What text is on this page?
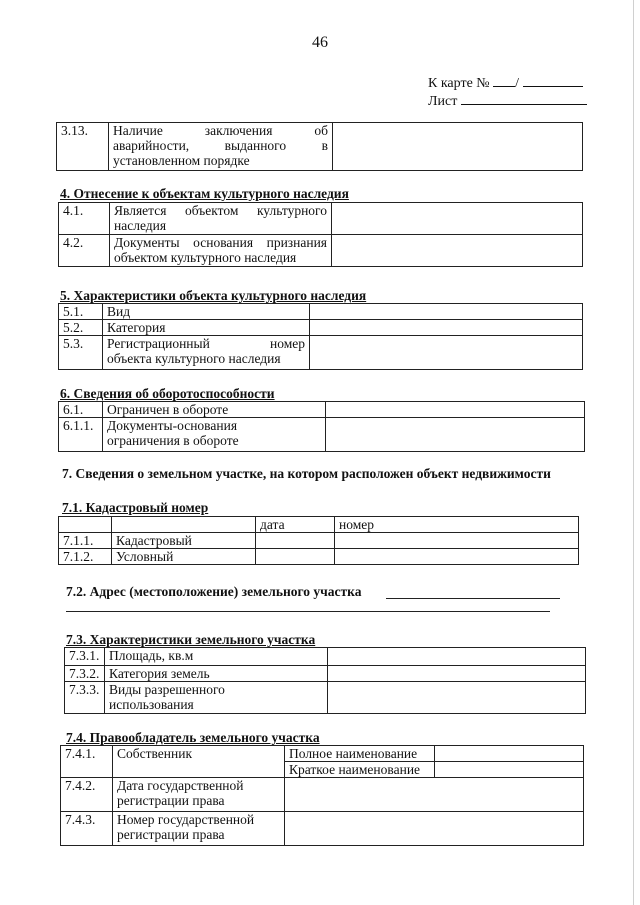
46
К карте № /
Лист
3.13.	Наличие заключения об
аварийности, выданного в
установленном порядке

4. Отнесение к объектам культурного наследия
4.1.	Является объектом культурного
наследия	

4.2.	Документы основания признания
объектом культурного наследия	

5. Характеристики объекта культурного наследия
5.1.	Вид	
5.2.	Категория	
5.3.	Регистрационный номер
объекта культурного наследия	

6. Сведения об оборотоспособности
6.1.	Ограничен в обороте	
6.1.1.	Документы-основания
ограничения в обороте	

7. Сведения о земельном участке, на котором расположен объект недвижимости
7.1. Кадастровый номер
		дата	номер
7.1.1.	Кадастровый		
7.1.2.	Условный		
7.2. Адрес (местоположение) земельного участка
7.3. Характеристики земельного участка
7.3.1.	Площадь, кв.м	
7.3.2.	Категория земель	
7.3.3.	Виды разрешенного
использования	

7.4. Правообладатель земельного участка
7.4.1.	Собственник	Полное наименование	
		Краткое наименование	
7.4.2.	Дата государственной
регистрации права		

7.4.3.	Номер государственной
регистрации права		
